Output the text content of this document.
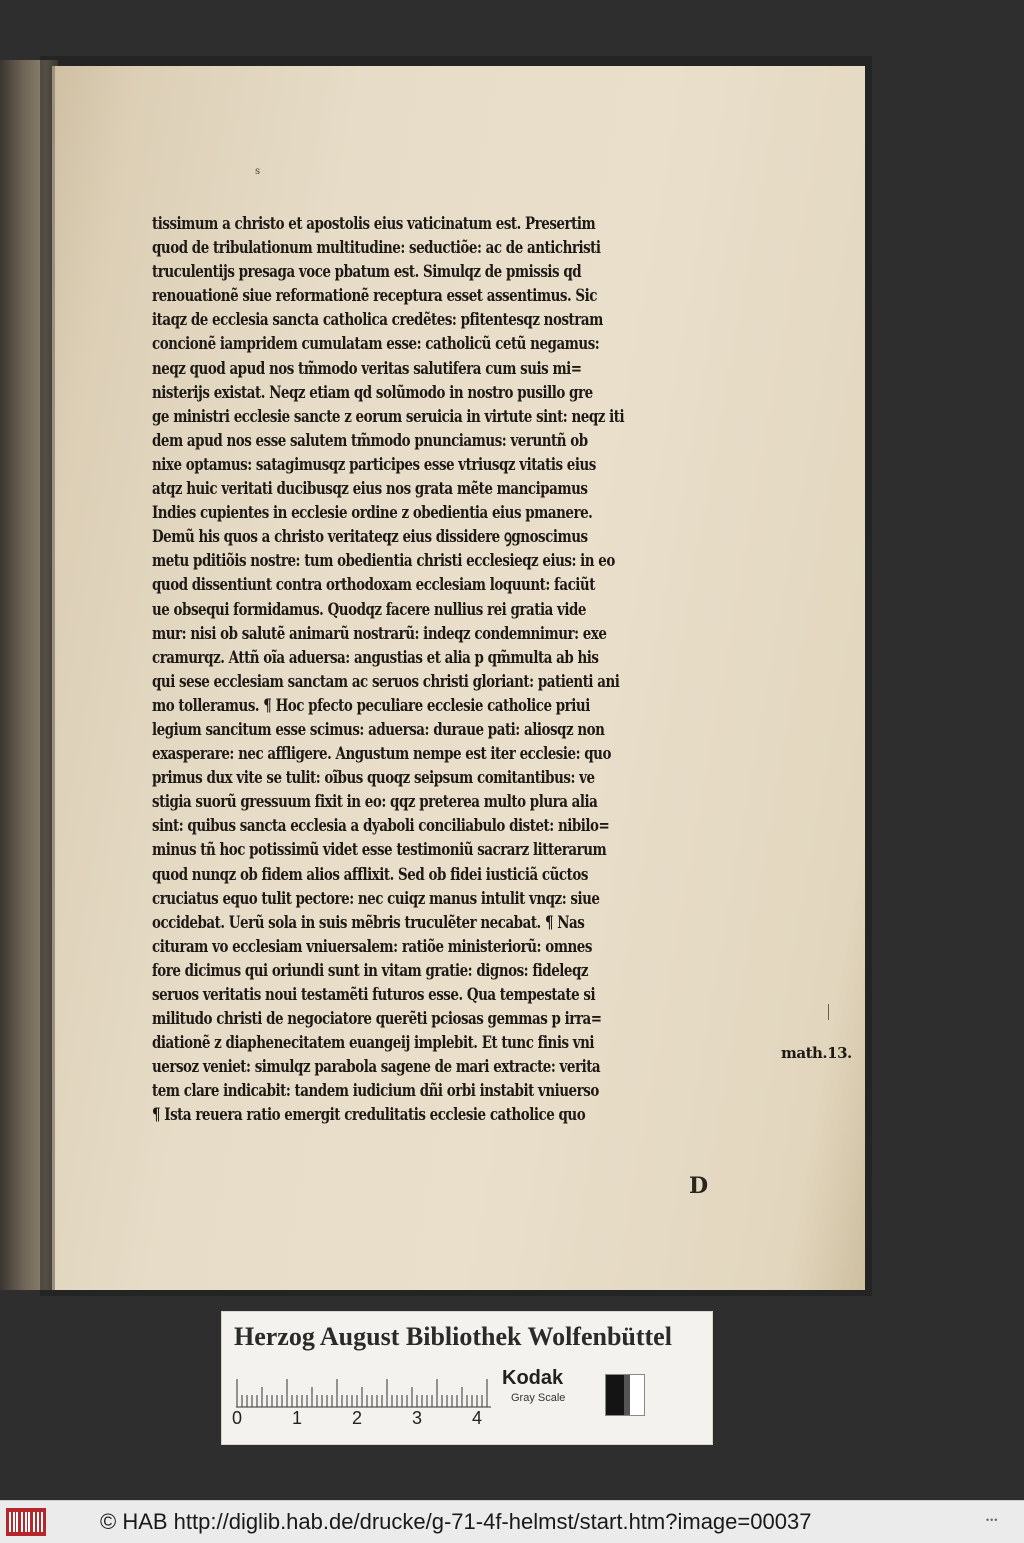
s
tissimum a christo et apostolis eius vaticinatum est. Presertim
quod de tribulationum multitudine: seductiõe: ac de antichristi
truculentijs presaga voce pbatum est. Simulqz de pmissis qd
renouationẽ siue reformationẽ receptura esset assentimus. Sic
itaqz de ecclesia sancta catholica credẽtes: pfitentesqz nostram
concionẽ iampridem cumulatam esse: catholicũ cetũ negamus:
neqz quod apud nos tm̃modo veritas salutifera cum suis mi=
nisterijs existat. Neqz etiam qd solũmodo in nostro pusillo gre
ge ministri ecclesie sancte z eorum seruicia in virtute sint: neqz iti
dem apud nos esse salutem tm̃modo pnunciamus: veruntñ ob
nixe optamus: satagimusqz participes esse vtriusqz vitatis eius
atqz huic veritati ducibusqz eius nos grata mẽte mancipamus
Indies cupientes in ecclesie ordine z obedientia eius pmanere.
Demũ his quos a christo veritateqz eius dissidere ꝯgnoscimus
metu pditiõis nostre: tum obedientia christi ecclesieqz eius: in eo
quod dissentiunt contra orthodoxam ecclesiam loquunt: faciũt
ue obsequi formidamus. Quodqz facere nullius rei gratia vide
mur: nisi ob salutẽ animarũ nostrarũ: indeqz condemnimur: exe
cramurqz. Attñ oĩa aduersa: angustias et alia p qm̃multa ab his
qui sese ecclesiam sanctam ac seruos christi gloriant: patienti ani
mo tolleramus. ¶ Hoc pfecto peculiare ecclesie catholice priui
legium sancitum esse scimus: aduersa: duraue pati: aliosqz non
exasperare: nec affligere. Angustum nempe est iter ecclesie: quo
primus dux vite se tulit: oĩbus quoqz seipsum comitantibus: ve
stigia suorũ gressuum fixit in eo: qqz preterea multo plura alia
sint: quibus sancta ecclesia a dyaboli conciliabulo distet: nibilo=
minus tñ hoc potissimũ videt esse testimoniũ sacrarz litterarum
quod nunqz ob fidem alios afflixit. Sed ob fidei iusticiã cũctos
cruciatus equo tulit pectore: nec cuiqz manus intulit vnqz: siue
occidebat. Uerũ sola in suis mẽbris truculẽter necabat. ¶ Nas
cituram vo ecclesiam vniuersalem: ratiõe ministeriorũ: omnes
fore dicimus qui oriundi sunt in vitam gratie: dignos: fideleqz
seruos veritatis noui testamẽti futuros esse. Qua tempestate si
militudo christi de negociatore querẽti pciosas gemmas p irra=
diationẽ z diaphenecitatem euangeij implebit. Et tunc finis vni
uersoz veniet: simulqz parabola sagene de mari extracte: verita
tem clare indicabit: tandem iudicium dñi orbi instabit vniuerso
¶ Ista reuera ratio emergit credulitatis ecclesie catholice quo
math.13.
D
Herzog August Bibliothek Wolfenbüttel
0	1	2	3	4
Kodak
Gray Scale
© HAB http://diglib.hab.de/drucke/g-71-4f-helmst/start.htm?image=00037	•••
